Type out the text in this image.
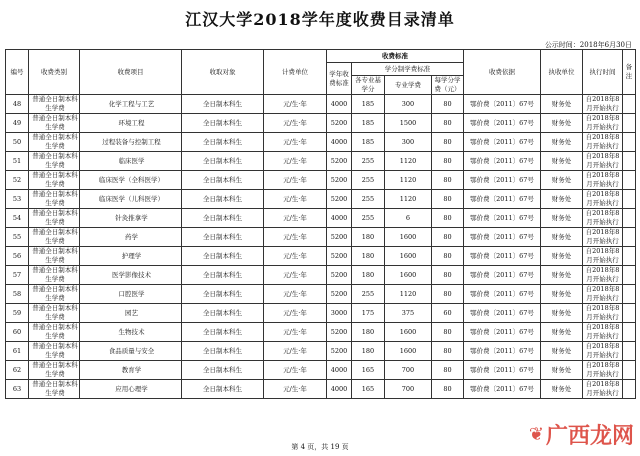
江汉大学2018学年度收费目录清单
公示时间：2018年6月30日
编号	收费类别	收费项目	收取对象	计费单位	收费标准				收费依据	执收单位	执行时间	备注
					学年收费标准	学分制学费标准						
						各专业基学分	专业学费	每学分学费（元）				
48	普通全日制本科生学费	化学工程与工艺	全日制本科生	元/生·年	4000	185	300	80	鄂价费〔2011〕67号	财务处	自2018年8月开始执行	
49	普通全日制本科生学费	环境工程	全日制本科生	元/生·年	5200	185	1500	80	鄂价费〔2011〕67号	财务处	自2018年8月开始执行	
50	普通全日制本科生学费	过程装备与控制工程	全日制本科生	元/生·年	4000	185	300	80	鄂价费〔2011〕67号	财务处	自2018年8月开始执行	
51	普通全日制本科生学费	临床医学	全日制本科生	元/生·年	5200	255	1120	80	鄂价费〔2011〕67号	财务处	自2018年8月开始执行	
52	普通全日制本科生学费	临床医学（全科医学）	全日制本科生	元/生·年	5200	255	1120	80	鄂价费〔2011〕67号	财务处	自2018年8月开始执行	
53	普通全日制本科生学费	临床医学（儿科医学）	全日制本科生	元/生·年	5200	255	1120	80	鄂价费〔2011〕67号	财务处	自2018年8月开始执行	
54	普通全日制本科生学费	针灸推拿学	全日制本科生	元/生·年	4000	255	6	80	鄂价费〔2011〕67号	财务处	自2018年8月开始执行	
55	普通全日制本科生学费	药学	全日制本科生	元/生·年	5200	180	1600	80	鄂价费〔2011〕67号	财务处	自2018年8月开始执行	
56	普通全日制本科生学费	护理学	全日制本科生	元/生·年	5200	180	1600	80	鄂价费〔2011〕67号	财务处	自2018年8月开始执行	
57	普通全日制本科生学费	医学影像技术	全日制本科生	元/生·年	5200	180	1600	80	鄂价费〔2011〕67号	财务处	自2018年8月开始执行	
58	普通全日制本科生学费	口腔医学	全日制本科生	元/生·年	5200	255	1120	80	鄂价费〔2011〕67号	财务处	自2018年8月开始执行	
59	普通全日制本科生学费	园艺	全日制本科生	元/生·年	3000	175	375	60	鄂价费〔2011〕67号	财务处	自2018年8月开始执行	
60	普通全日制本科生学费	生物技术	全日制本科生	元/生·年	5200	180	1600	80	鄂价费〔2011〕67号	财务处	自2018年8月开始执行	
61	普通全日制本科生学费	食品质量与安全	全日制本科生	元/生·年	5200	180	1600	80	鄂价费〔2011〕67号	财务处	自2018年8月开始执行	
62	普通全日制本科生学费	教育学	全日制本科生	元/生·年	4000	165	700	80	鄂价费〔2011〕67号	财务处	自2018年8月开始执行	
63	普通全日制本科生学费	应用心理学	全日制本科生	元/生·年	4000	165	700	80	鄂价费〔2011〕67号	财务处	自2018年8月开始执行	
第 4 页，共 19 页
❦ 广西龙网
